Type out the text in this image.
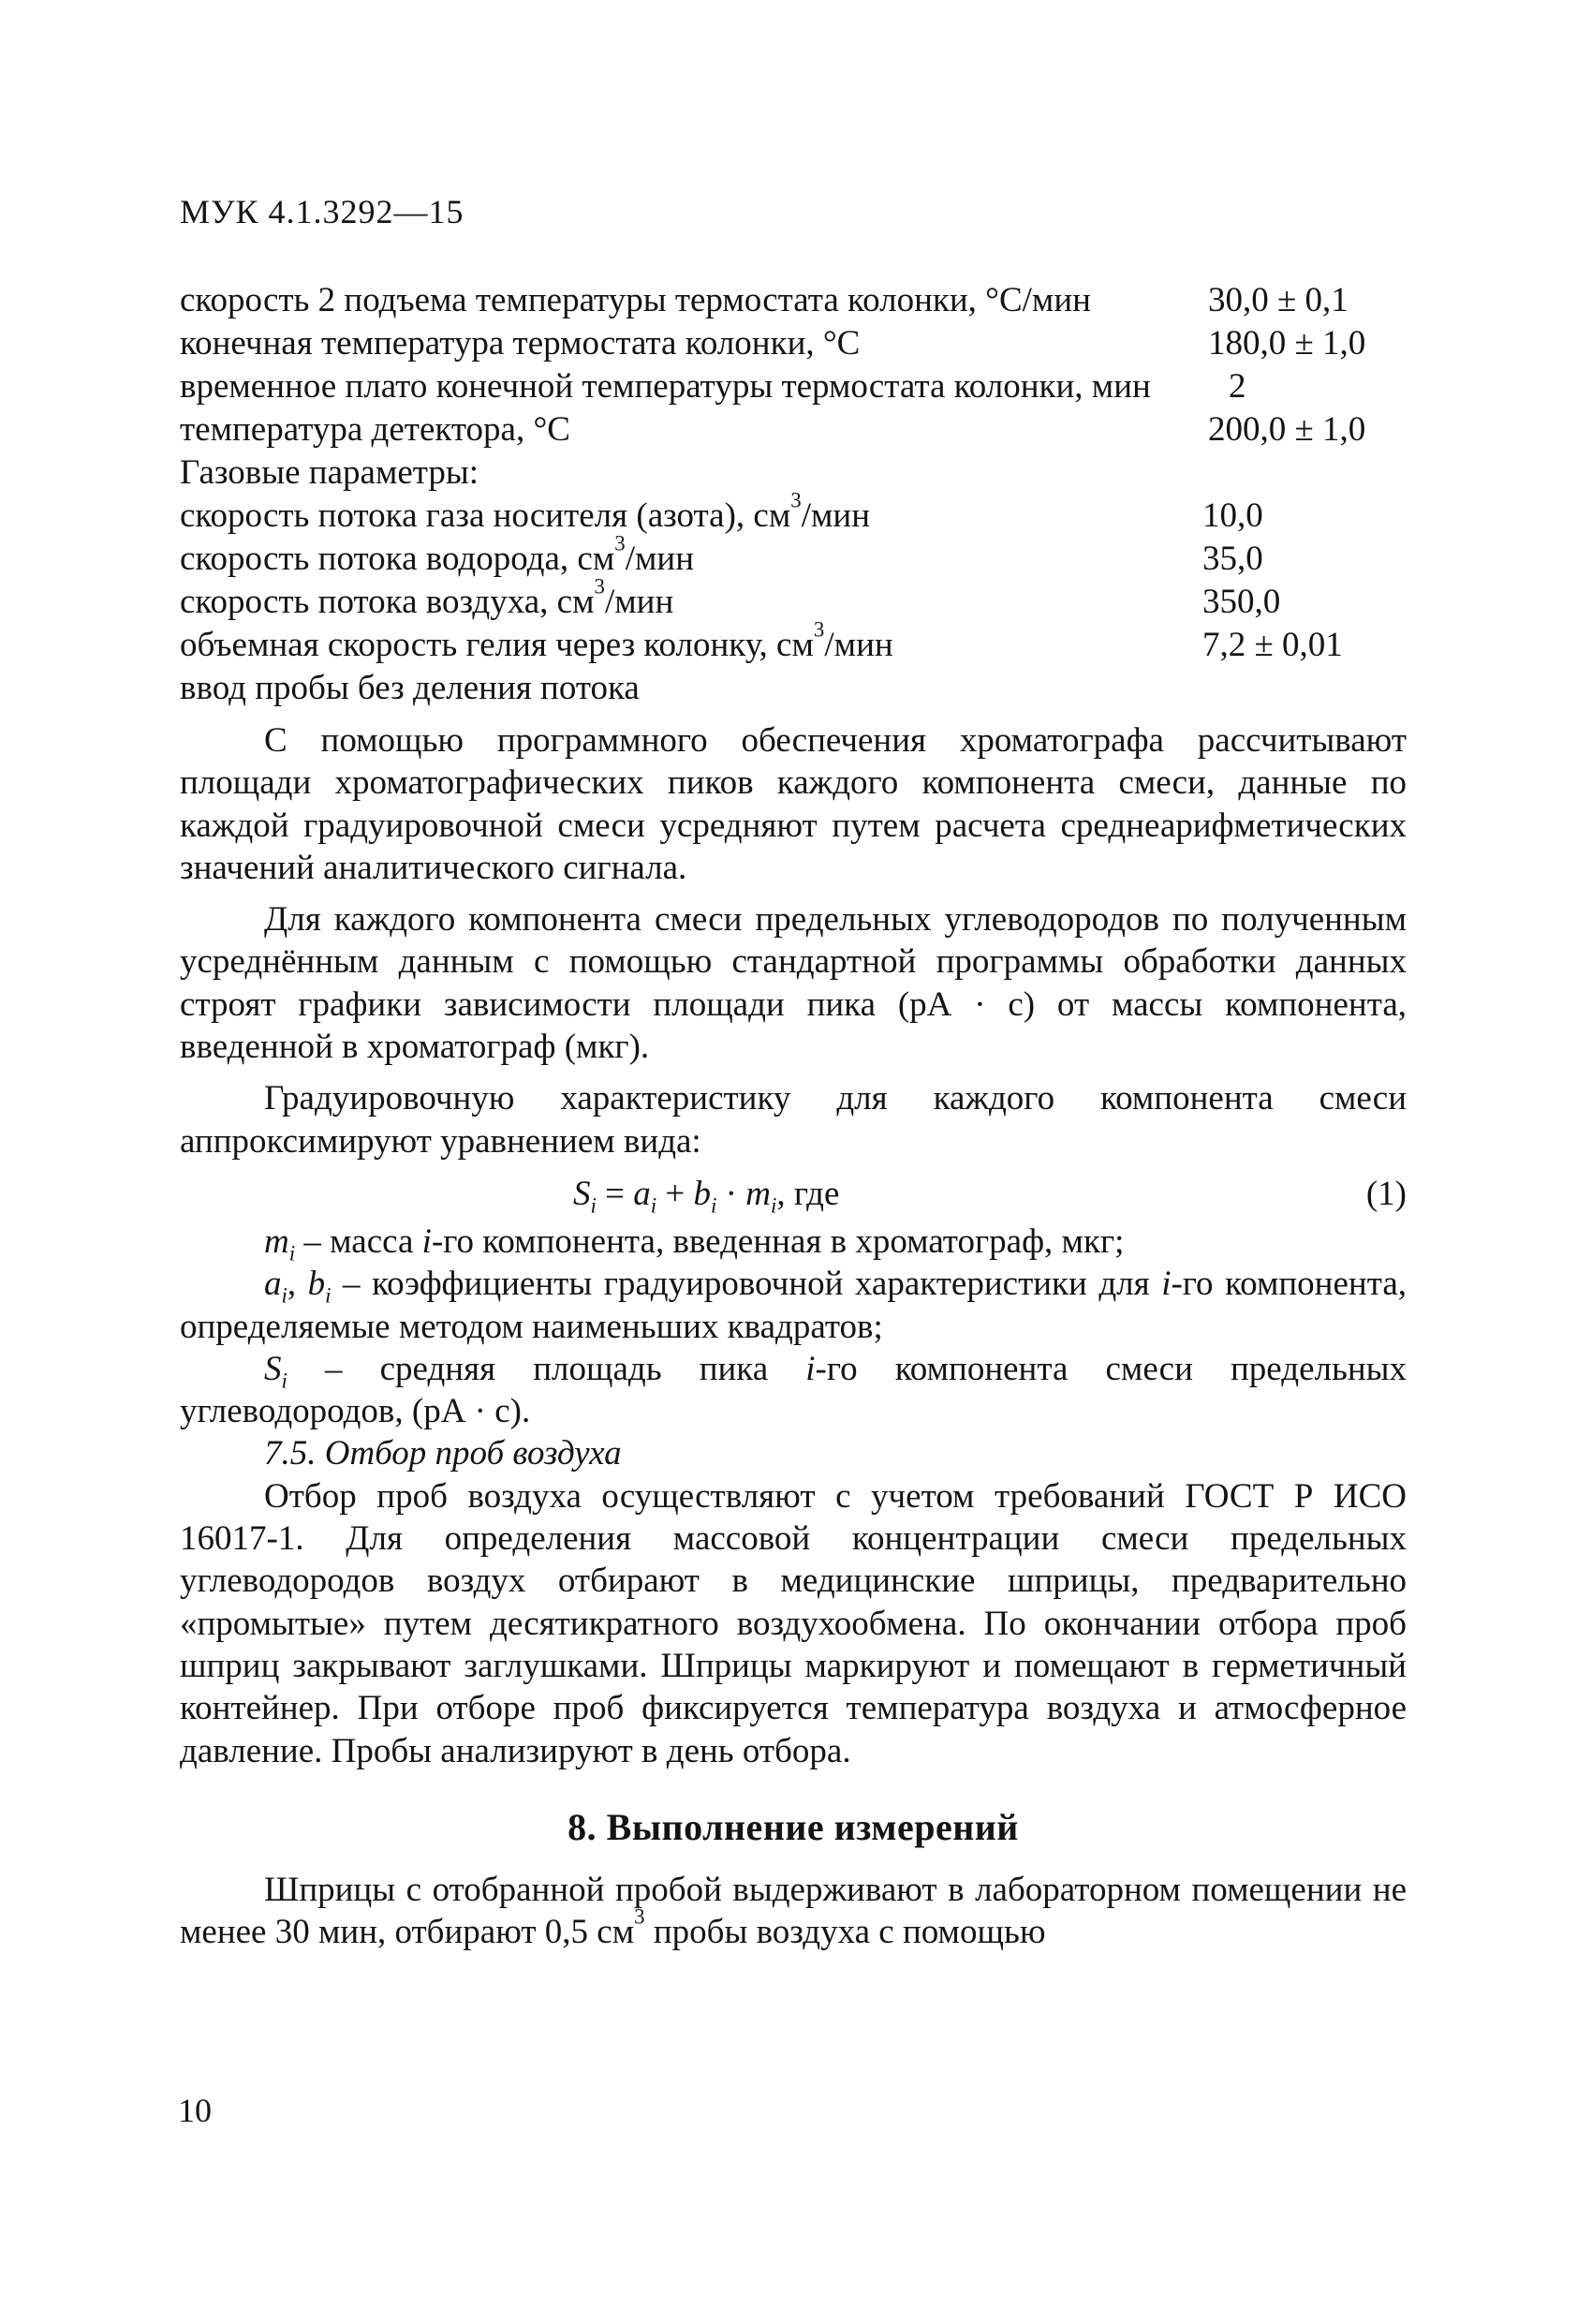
МУК 4.1.3292—15
скорость 2 подъема температуры термостата колонки, °С/мин	30,0 ± 0,1
конечная температура термостата колонки, °С	180,0 ± 1,0
временное плато конечной температуры термостата колонки, мин 2
температура детектора, °С	200,0 ± 1,0
Газовые параметры:
скорость потока газа носителя (азота), $см^3$/мин	10,0
скорость потока водорода, $см^3$/мин	35,0
скорость потока воздуха, $см^3$/мин	350,0
объемная скорость гелия через колонку, $см^3$/мин	7,2 ± 0,01
ввод пробы без деления потока

С помощью программного обеспечения хроматографа рассчитывают площади хроматографических пиков каждого компонента смеси, данные по каждой градуировочной смеси усредняют путем расчета среднеарифметических значений аналитического сигнала.

Для каждого компонента смеси предельных углеводородов по полученным усреднённым данным с помощью стандартной программы обработки данных строят графики зависимости площади пика (рА · с) от массы компонента, введенной в хроматограф (мкг).

Градуировочную характеристику для каждого компонента смеси аппроксимируют уравнением вида:

$S_i = a_i + b_i \cdot m_i$, где	(1)

$m_i$ – масса i-го компонента, введенная в хроматограф, мкг;

$a_i$, $b_i$ – коэффициенты градуировочной характеристики для i-го компонента, определяемые методом наименьших квадратов;

$S_i$ – средняя площадь пика i-го компонента смеси предельных углеводородов, (рА · с).

7.5. Отбор проб воздуха

Отбор проб воздуха осуществляют с учетом требований ГОСТ Р ИСО 16017-1. Для определения массовой концентрации смеси предельных углеводородов воздух отбирают в медицинские шприцы, предварительно «промытые» путем десятикратного воздухообмена. По окончании отбора проб шприц закрывают заглушками. Шприцы маркируют и помещают в герметичный контейнер. При отборе проб фиксируется температура воздуха и атмосферное давление. Пробы анализируют в день отбора.

8. Выполнение измерений

Шприцы с отобранной пробой выдерживают в лабораторном помещении не менее 30 мин, отбирают 0,5 $см^3$ пробы воздуха с помощью

10
